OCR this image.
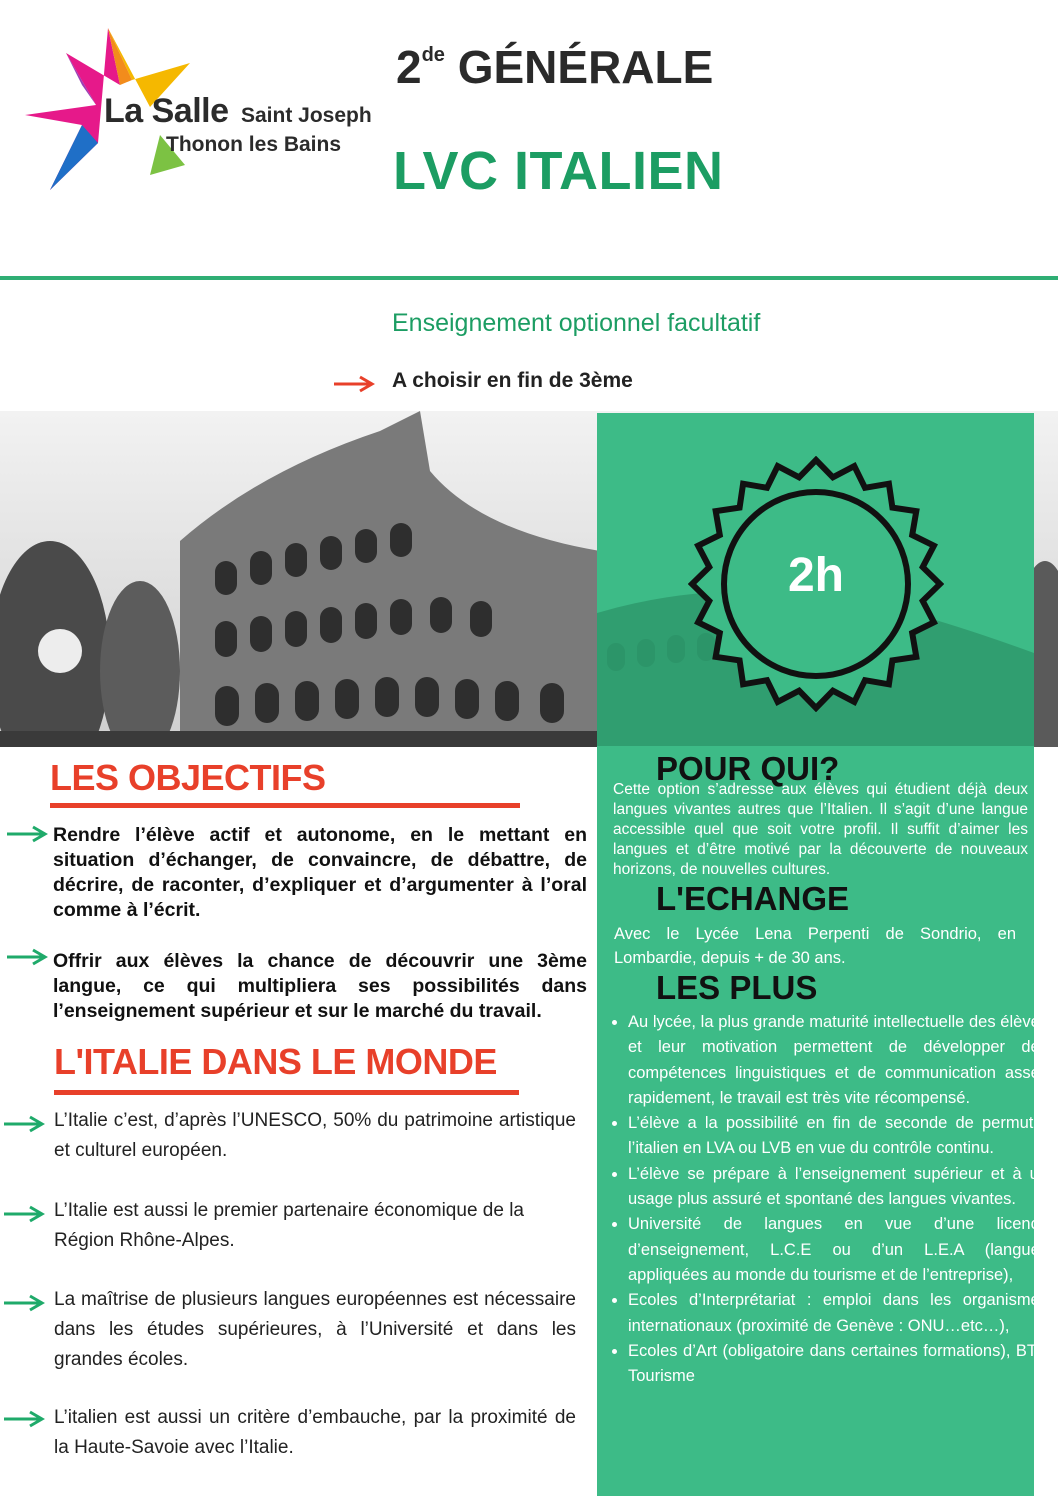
La Salle Saint Joseph
Thonon les Bains
2de GÉNÉRALE
LVC ITALIEN
Enseignement optionnel facultatif
A choisir en fin de 3ème
2h
LES OBJECTIFS
Rendre l’élève actif et autonome, en le mettant en situation d’échanger, de convaincre, de débattre, de décrire, de raconter, d’expliquer et d’argumenter à l’oral comme à l’écrit.
Offrir aux élèves la chance de découvrir une 3ème langue, ce qui multipliera ses possibilités dans l’enseignement supérieur et sur le marché du travail.
L'ITALIE DANS LE MONDE
L’Italie c’est, d’après l’UNESCO, 50% du patrimoine artistique et culturel européen.
L’Italie est aussi le premier partenaire économique de la Région Rhône-Alpes.
La maîtrise de plusieurs langues européennes est nécessaire dans les études supérieures, à l’Université et dans les grandes écoles.
L’italien est aussi un critère d’embauche, par la proximité de la Haute-Savoie avec l’Italie.
POUR QUI?
Cette option s’adresse aux élèves qui étudient déjà deux langues vivantes autres que l’Italien. Il s’agit d’une langue accessible quel que soit votre profil. Il suffit d’aimer les langues et d’être motivé par la découverte de nouveaux horizons, de nouvelles cultures.
L'ECHANGE
Avec le Lycée Lena Perpenti de Sondrio, en Lombardie, depuis + de 30 ans.
LES PLUS
• Au lycée, la plus grande maturité intellectuelle des élèves et leur motivation permettent de développer des compétences linguistiques et de communication assez rapidement, le travail est très vite récompensé.
• L’élève a la possibilité en fin de seconde de permuter l’italien en LVA ou LVB en vue du contrôle continu.
• L’élève se prépare à l’enseignement supérieur et à un usage plus assuré et spontané des langues vivantes.
• Université de langues en vue d’une licence d’enseignement, L.C.E ou d’un L.E.A (langues appliquées au monde du tourisme et de l’entreprise),
• Ecoles d’Interprétariat : emploi dans les organismes internationaux (proximité de Genève : ONU…etc…),
• Ecoles d’Art (obligatoire dans certaines formations), BTS Tourisme
